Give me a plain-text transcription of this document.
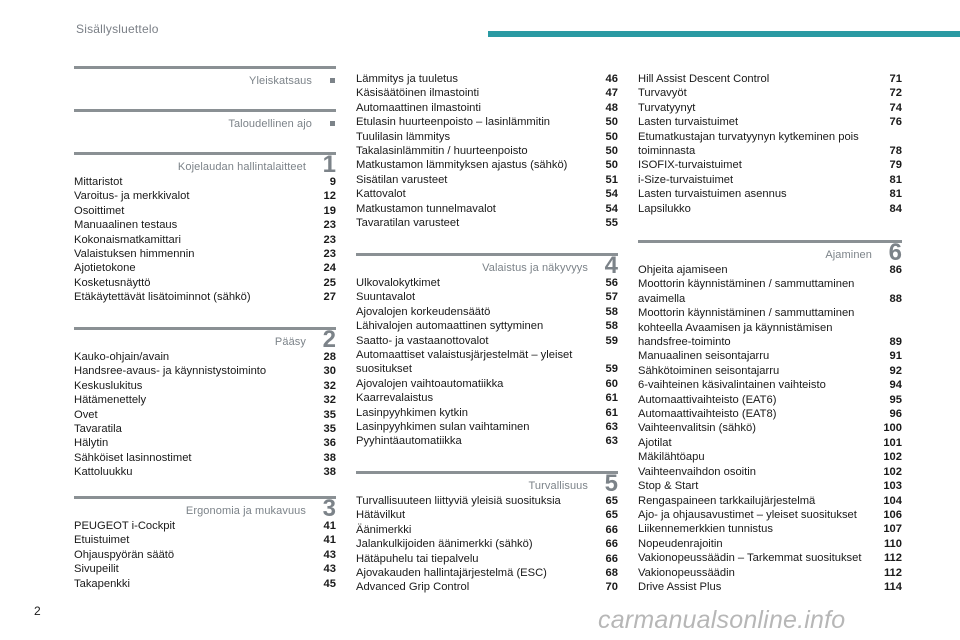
Sisällysluettelo
Yleiskatsaus
Taloudellinen ajo
Kojelaudan hallintalaitteet 1
Mittaristot	9
Varoitus- ja merkkivalot	12
Osoittimet	19
Manuaalinen testaus	23
Kokonaismatkamittari	23
Valaistuksen himmennin	23
Ajotietokone	24
Kosketusnäyttö	25
Etäkäytettävät lisätoiminnot (sähkö)	27
Pääsy 2
Kauko-ohjain/avain	28
Handsree-avaus- ja käynnistystoiminto	30
Keskuslukitus	32
Hätämenettely	32
Ovet	35
Tavaratila	35
Hälytin	36
Sähköiset lasinnostimet	38
Kattoluukku	38
Ergonomia ja mukavuus 3
PEUGEOT i-Cockpit	41
Etuistuimet	41
Ohjauspyörän säätö	43
Sivupeilit	43
Takapenkki	45
Lämmitys ja tuuletus	46
Käsisäätöinen ilmastointi	47
Automaattinen ilmastointi	48
Etulasin huurteenpoisto – lasinlämmitin	50
Tuulilasin lämmitys	50
Takalasinlämmitin / huurteenpoisto	50
Matkustamon lämmityksen ajastus (sähkö)	50
Sisätilan varusteet	51
Kattovalot	54
Matkustamon tunnelmavalot	54
Tavaratilan varusteet	55
Valaistus ja näkyvyys 4
Ulkovalokytkimet	56
Suuntavalot	57
Ajovalojen korkeudensäätö	58
Lähivalojen automaattinen syttyminen	58
Saatto- ja vastaanottovalot	59
Automaattiset valaistusjärjestelmät – yleiset suositukset	59
Ajovalojen vaihtoautomatiikka	60
Kaarrevalaistus	61
Lasinpyyhkimen kytkin	61
Lasinpyyhkimen sulan vaihtaminen	63
Pyyhintäautomatiikka	63
Turvallisuus 5
Turvallisuuteen liittyviä yleisiä suosituksia	65
Hätävilkut	65
Äänimerkki	66
Jalankulkijoiden äänimerkki (sähkö)	66
Hätäpuhelu tai tiepalvelu	66
Ajovakauden hallintajärjestelmä (ESC)	68
Advanced Grip Control	70
Hill Assist Descent Control	71
Turvavyöt	72
Turvatyynyt	74
Lasten turvaistuimet	76
Etumatkustajan turvatyynyn kytkeminen pois toiminnasta	78
ISOFIX-turvaistuimet	79
i-Size-turvaistuimet	81
Lasten turvaistuimen asennus	81
Lapsilukko	84
Ajaminen 6
Ohjeita ajamiseen	86
Moottorin käynnistäminen / sammuttaminen avaimella	88
Moottorin käynnistäminen / sammuttaminen kohteella Avaamisen ja käynnistämisen handsfree-toiminto	89
Manuaalinen seisontajarru	91
Sähkötoiminen seisontajarru	92
6-vaihteinen käsivalintainen vaihteisto	94
Automaattivaihteisto (EAT6)	95
Automaattivaihteisto (EAT8)	96
Vaihteenvalitsin (sähkö)	100
Ajotilat	101
Mäkilähtöapu	102
Vaihteenvaihdon osoitin	102
Stop & Start	103
Rengaspaineen tarkkailujärjestelmä	104
Ajo- ja ohjausavustimet – yleiset suositukset	106
Liikennemerkkien tunnistus	107
Nopeudenrajoitin	110
Vakionopeussäädin – Tarkemmat suositukset	112
Vakionopeussäädin	112
Drive Assist Plus	114
2	carmanualsonline.info
